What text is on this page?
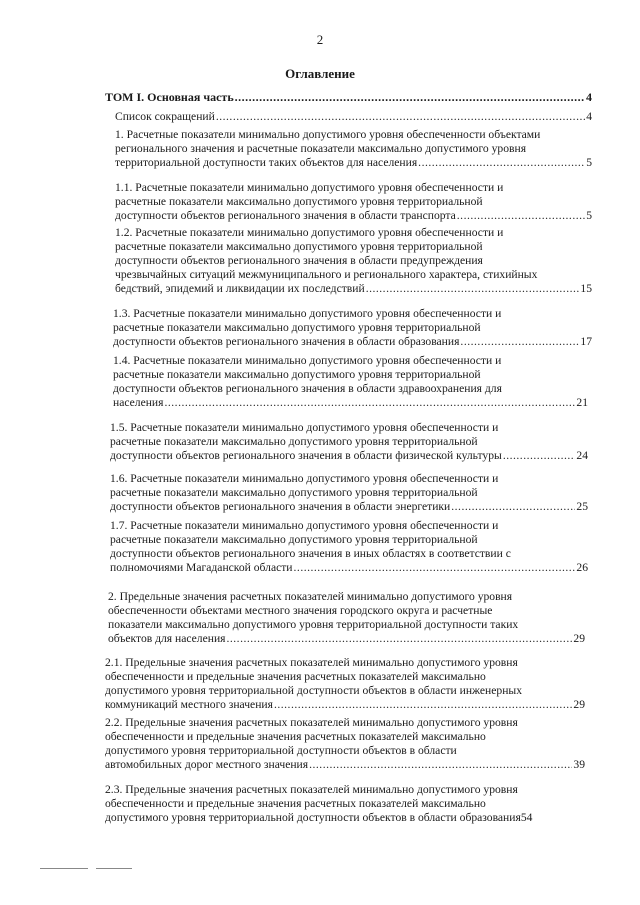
2
Оглавление
ТОМ I. Основная часть .....	4
Список сокращений .....	4
1. Расчетные показатели минимально допустимого уровня обеспеченности объектами
регионального значения и расчетные показатели максимально допустимого уровня
территориальной доступности таких объектов для населения .....	5
1.1. Расчетные показатели минимально допустимого уровня обеспеченности и
расчетные показатели максимально допустимого уровня территориальной
доступности объектов регионального значения в области транспорта .....	5
1.2. Расчетные показатели минимально допустимого уровня обеспеченности и
расчетные показатели максимально допустимого уровня территориальной
доступности объектов регионального значения в области предупреждения
чрезвычайных ситуаций межмуниципального и регионального характера, стихийных
бедствий, эпидемий и ликвидации их последствий .....	15
1.3. Расчетные показатели минимально допустимого уровня обеспеченности и
расчетные показатели максимально допустимого уровня территориальной
доступности объектов регионального значения в области образования .....	17
1.4. Расчетные показатели минимально допустимого уровня обеспеченности и
расчетные показатели максимально допустимого уровня территориальной
доступности объектов регионального значения в области здравоохранения для
населения .....	21
1.5. Расчетные показатели минимально допустимого уровня обеспеченности и
расчетные показатели максимально допустимого уровня территориальной
доступности объектов регионального значения в области физической культуры .....	24
1.6. Расчетные показатели минимально допустимого уровня обеспеченности и
расчетные показатели максимально допустимого уровня территориальной
доступности объектов регионального значения в области энергетики .....	25
1.7. Расчетные показатели минимально допустимого уровня обеспеченности и
расчетные показатели максимально допустимого уровня территориальной
доступности объектов регионального значения в иных областях в соответствии с
полномочиями Магаданской области .....	26
2. Предельные значения расчетных показателей минимально допустимого уровня
обеспеченности объектами местного значения городского округа и расчетные
показатели максимально допустимого уровня территориальной доступности таких
объектов для населения .....	29
2.1. Предельные значения расчетных показателей минимально допустимого уровня
обеспеченности и предельные значения расчетных показателей максимально
допустимого уровня территориальной доступности объектов в области инженерных
коммуникаций местного значения .....	29
2.2. Предельные значения расчетных показателей минимально допустимого уровня
обеспеченности и предельные значения расчетных показателей максимально
допустимого уровня территориальной доступности объектов в области
автомобильных дорог местного значения .....	39
2.3. Предельные значения расчетных показателей минимально допустимого уровня
обеспеченности и предельные значения расчетных показателей максимально
допустимого уровня территориальной доступности объектов в области образования 54
